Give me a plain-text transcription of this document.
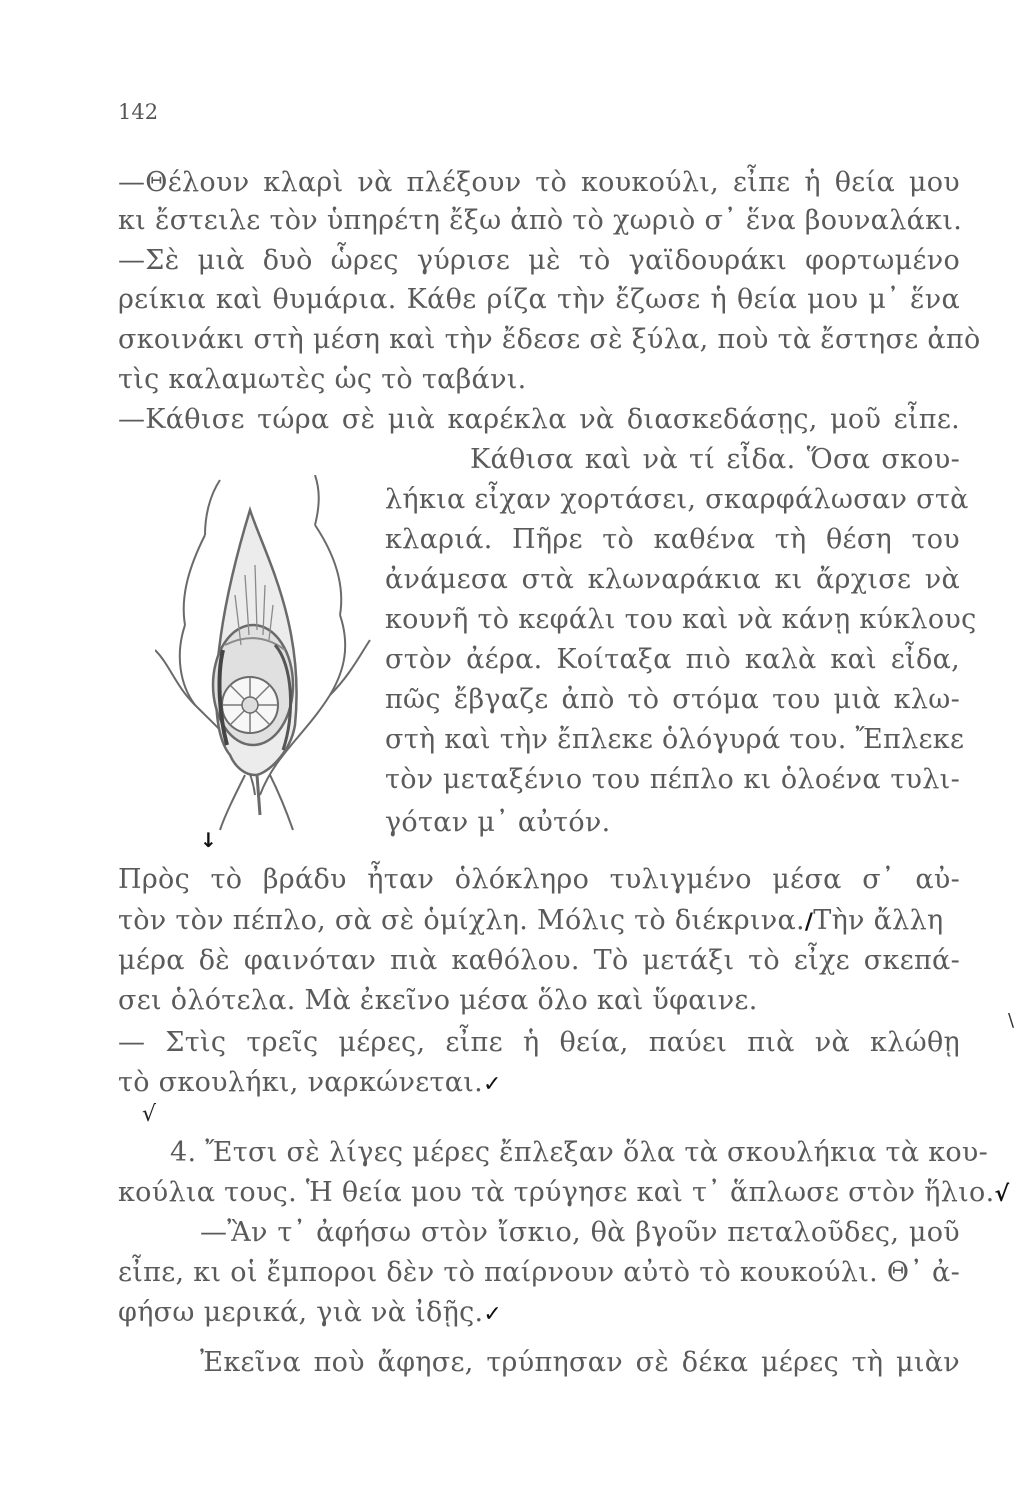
142
—Θέλουν κλαρὶ νὰ πλέξουν τὸ κουκούλι, εἶπε ἡ θεία μου
κι ἔστειλε τὸν ὑπηρέτη ἔξω ἀπὸ τὸ χωριὸ σ᾿ ἕνα βουναλάκι.
—Σὲ μιὰ δυὸ ὧρες γύρισε μὲ τὸ γαϊδουράκι φορτωμένο
ρείκια καὶ θυμάρια. Κάθε ρίζα τὴν ἔζωσε ἡ θεία μου μ᾿ ἕνα
σκοινάκι στὴ μέση καὶ τὴν ἔδεσε σὲ ξύλα, ποὺ τὰ ἔστησε ἀπὸ
τὶς καλαμωτὲς ὡς τὸ ταβάνι.
—Κάθισε τώρα σὲ μιὰ καρέκλα νὰ διασκεδάσῃς, μοῦ εἶπε.
Κάθισα καὶ νὰ τί εἶδα. Ὅσα σκου-
λήκια εἶχαν χορτάσει, σκαρφάλωσαν στὰ
κλαριά. Πῆρε τὸ καθένα τὴ θέση του
ἀνάμεσα στὰ κλωναράκια κι ἄρχισε νὰ
κουνῆ τὸ κεφάλι του καὶ νὰ κάνῃ κύκλους
στὸν ἀέρα. Κοίταξα πιὸ καλὰ καὶ εἶδα,
πῶς ἔβγαζε ἀπὸ τὸ στόμα του μιὰ κλω-
στὴ καὶ τὴν ἔπλεκε ὁλόγυρά του. Ἔπλεκε
τὸν μεταξένιο του πέπλο κι ὁλοένα τυλι-
γόταν μ᾿ αὐτόν.
↓
Πρὸς τὸ βράδυ ἦταν ὁλόκληρο τυλιγμένο μέσα σ᾿ αὐ-
τὸν τὸν πέπλο, σὰ σὲ ὁμίχλη. Μόλις τὸ διέκρινα./Τὴν ἄλλη
μέρα δὲ φαινόταν πιὰ καθόλου. Τὸ μετάξι τὸ εἶχε σκεπά-
σει ὁλότελα. Μὰ ἐκεῖνο μέσα ὅλο καὶ ὕφαινε.
— Στὶς τρεῖς μέρες, εἶπε ἡ θεία, παύει πιὰ νὰ κλώθῃ
τὸ σκουλήκι, ναρκώνεται.✓
√
4. Ἔτσι σὲ λίγες μέρες ἔπλεξαν ὅλα τὰ σκουλήκια τὰ κου-
κούλια τους. Ἡ θεία μου τὰ τρύγησε καὶ τ᾿ ἅπλωσε στὸν ἥλιο.√
—Ἂν τ᾿ ἀφήσω στὸν ἴσκιο, θὰ βγοῦν πεταλοῦδες, μοῦ
εἶπε, κι οἱ ἔμποροι δὲν τὸ παίρνουν αὐτὸ τὸ κουκούλι. Θ᾿ ἀ-
φήσω μερικά, γιὰ νὰ ἰδῇς.✓
Ἐκεῖνα ποὺ ἄφησε, τρύπησαν σὲ δέκα μέρες τὴ μιὰν
\
